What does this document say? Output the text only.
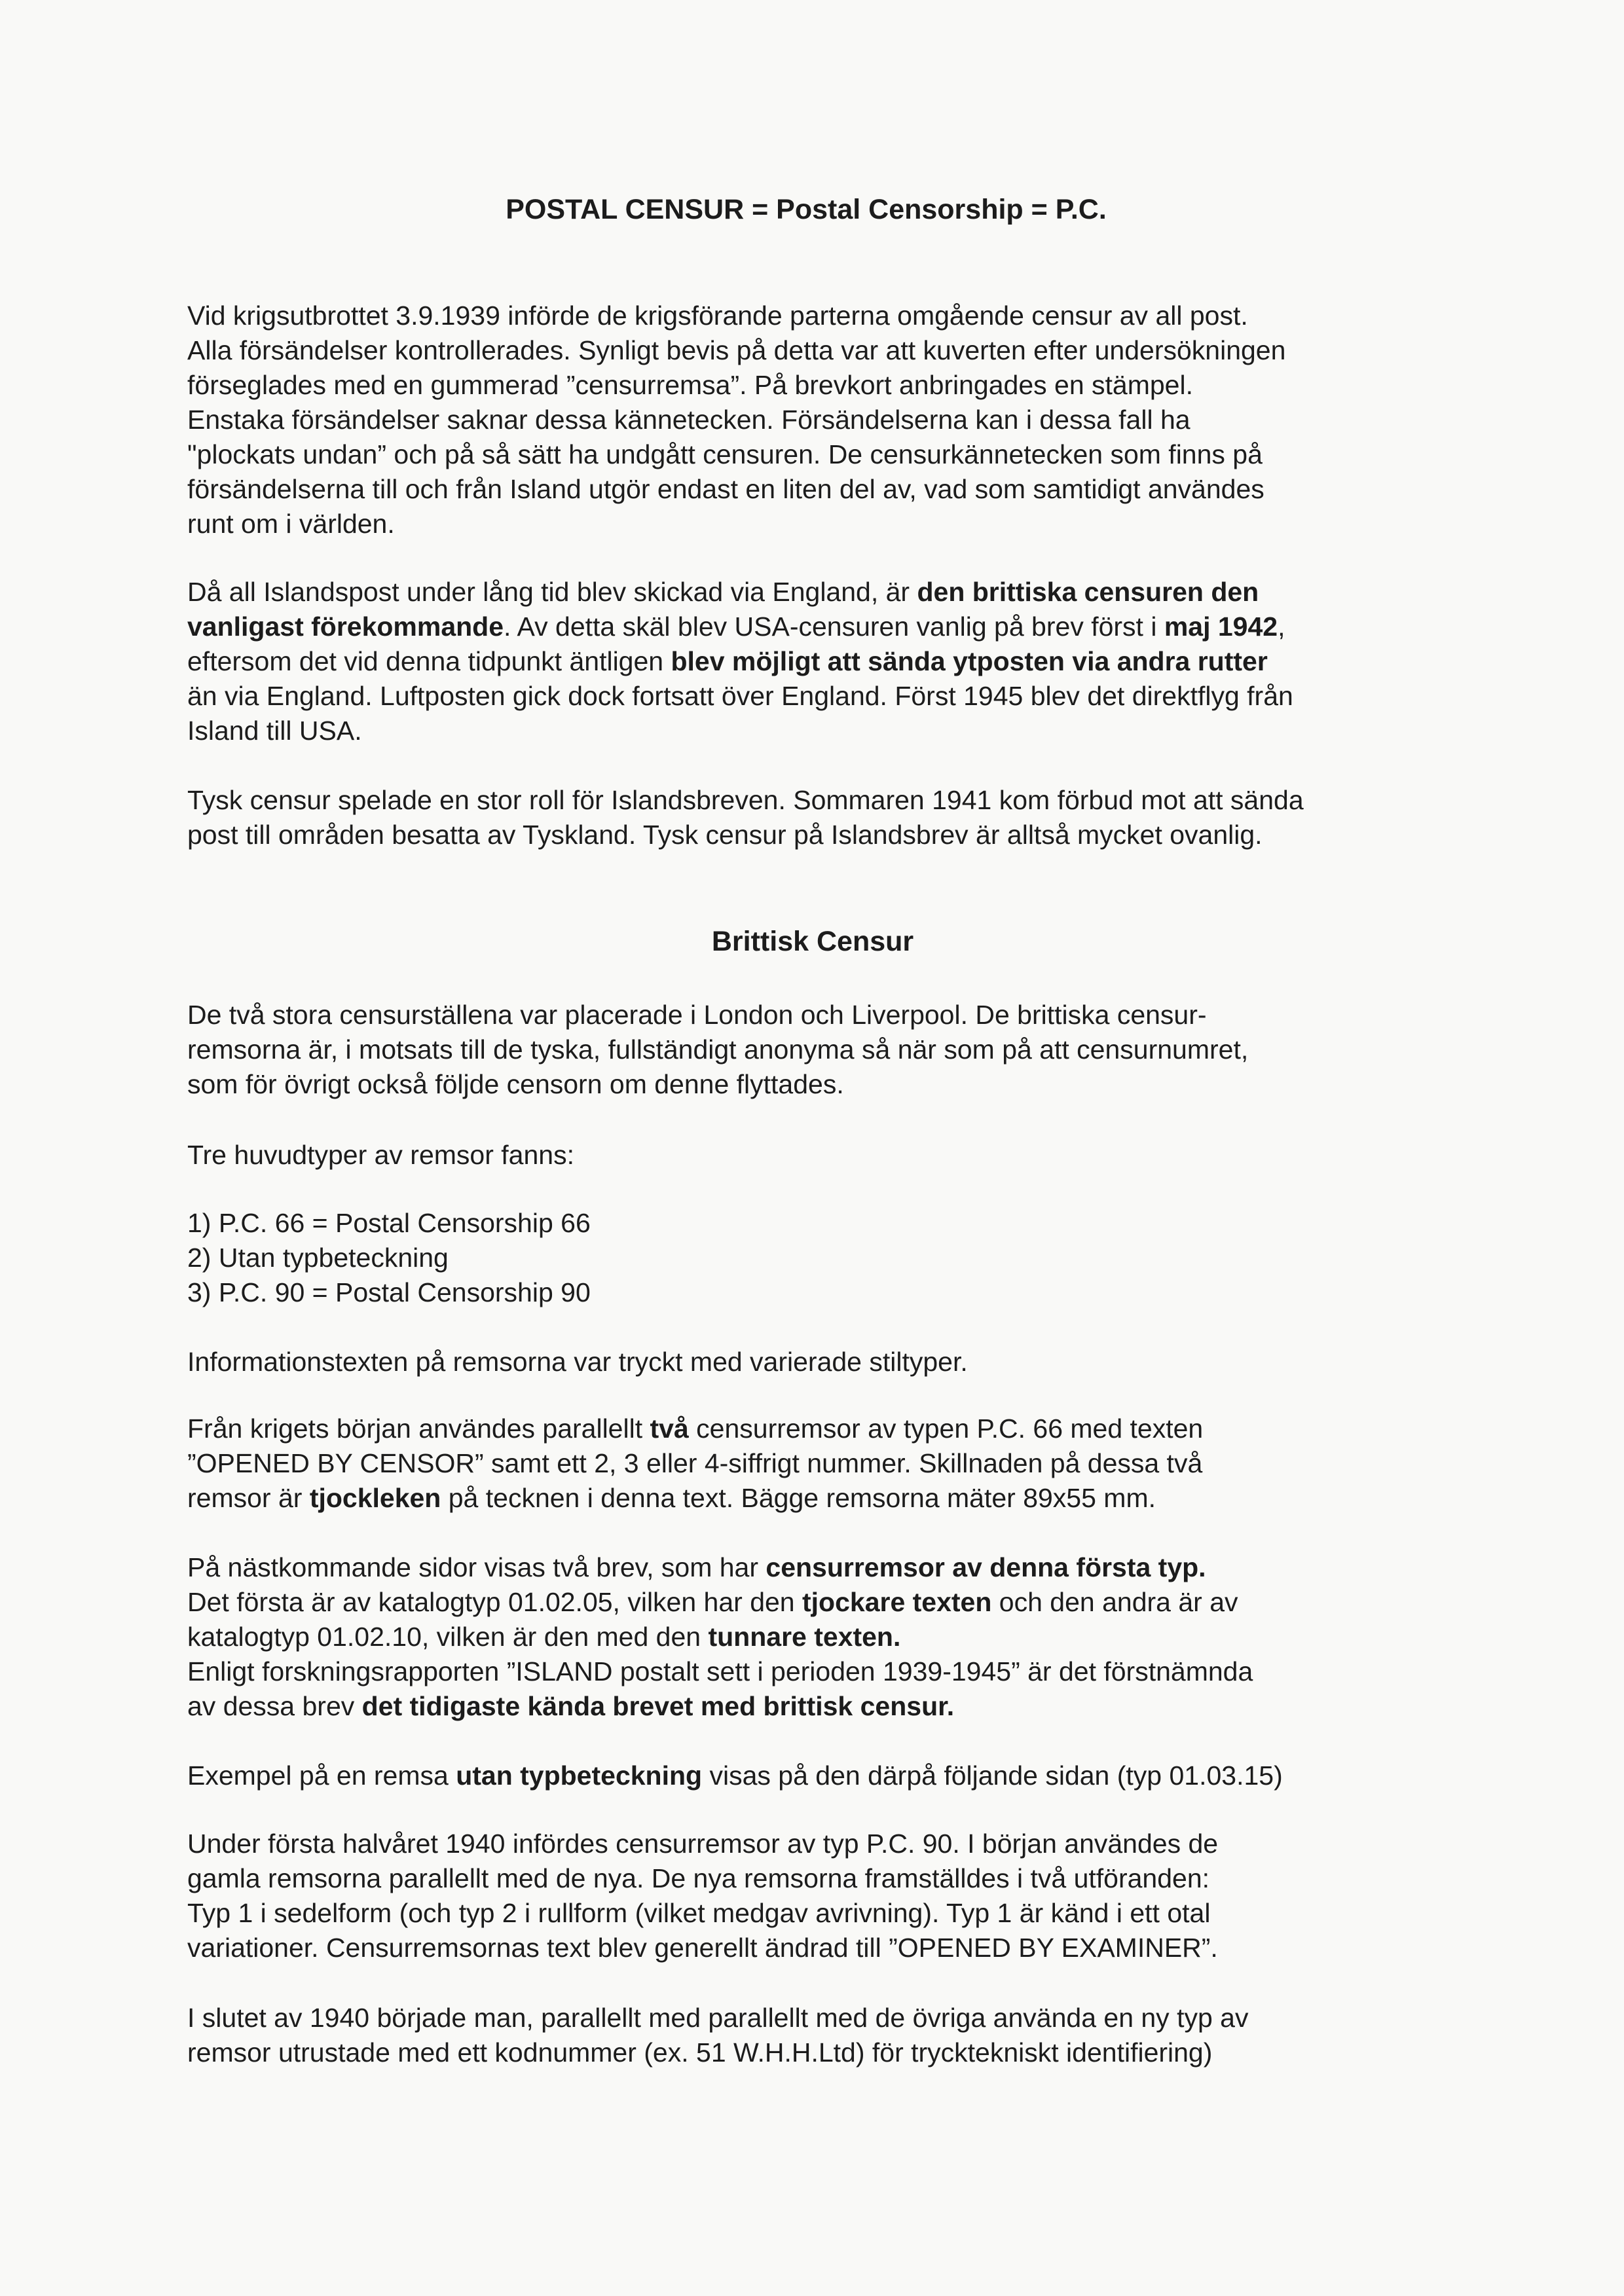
POSTAL CENSUR = Postal Censorship = P.C.

Vid krigsutbrottet 3.9.1939 införde de krigsförande parterna omgående censur av all post.
Alla försändelser kontrollerades. Synligt bevis på detta var att kuverten efter undersökningen
förseglades med en gummerad ”censurremsa”. På brevkort anbringades en stämpel.
Enstaka försändelser saknar dessa kännetecken. Försändelserna kan i dessa fall ha
"plockats undan” och på så sätt ha undgått censuren. De censurkännetecken som finns på
försändelserna till och från Island utgör endast en liten del av, vad som samtidigt användes
runt om i världen.

Då all Islandspost under lång tid blev skickad via England, är den brittiska censuren den
vanligast förekommande. Av detta skäl blev USA-censuren vanlig på brev först i maj 1942,
eftersom det vid denna tidpunkt äntligen blev möjligt att sända ytposten via andra rutter
än via England. Luftposten gick dock fortsatt över England. Först 1945 blev det direktflyg från
Island till USA.

Tysk censur spelade en stor roll för Islandsbreven. Sommaren 1941 kom förbud mot att sända
post till områden besatta av Tyskland. Tysk censur på Islandsbrev är alltså mycket ovanlig.

Brittisk Censur

De två stora censurställena var placerade i London och Liverpool. De brittiska censur-
remsorna är, i motsats till de tyska, fullständigt anonyma så när som på att censurnumret,
som för övrigt också följde censorn om denne flyttades.

Tre huvudtyper av remsor fanns:

1) P.C. 66 = Postal Censorship 66
2) Utan typbeteckning
3) P.C. 90 = Postal Censorship 90

Informationstexten på remsorna var tryckt med varierade stiltyper.

Från krigets början användes parallellt två censurremsor av typen P.C. 66 med texten
”OPENED BY CENSOR” samt ett 2, 3 eller 4-siffrigt nummer. Skillnaden på dessa två
remsor är tjockleken på tecknen i denna text. Bägge remsorna mäter 89x55 mm.

På nästkommande sidor visas två brev, som har censurremsor av denna första typ.
Det första är av katalogtyp 01.02.05, vilken har den tjockare texten och den andra är av
katalogtyp 01.02.10, vilken är den med den tunnare texten.
Enligt forskningsrapporten ”ISLAND postalt sett i perioden 1939-1945” är det förstnämnda
av dessa brev det tidigaste kända brevet med brittisk censur.

Exempel på en remsa utan typbeteckning visas på den därpå följande sidan (typ 01.03.15)

Under första halvåret 1940 infördes censurremsor av typ P.C. 90. I början användes de
gamla remsorna parallellt med de nya. De nya remsorna framställdes i två utföranden:
Typ 1 i sedelform (och typ 2 i rullform (vilket medgav avrivning). Typ 1 är känd i ett otal
variationer. Censurremsornas text blev generellt ändrad till ”OPENED BY EXAMINER”.

I slutet av 1940 började man, parallellt med parallellt med de övriga använda en ny typ av
remsor utrustade med ett kodnummer (ex. 51 W.H.H.Ltd) för trycktekniskt identifiering)
